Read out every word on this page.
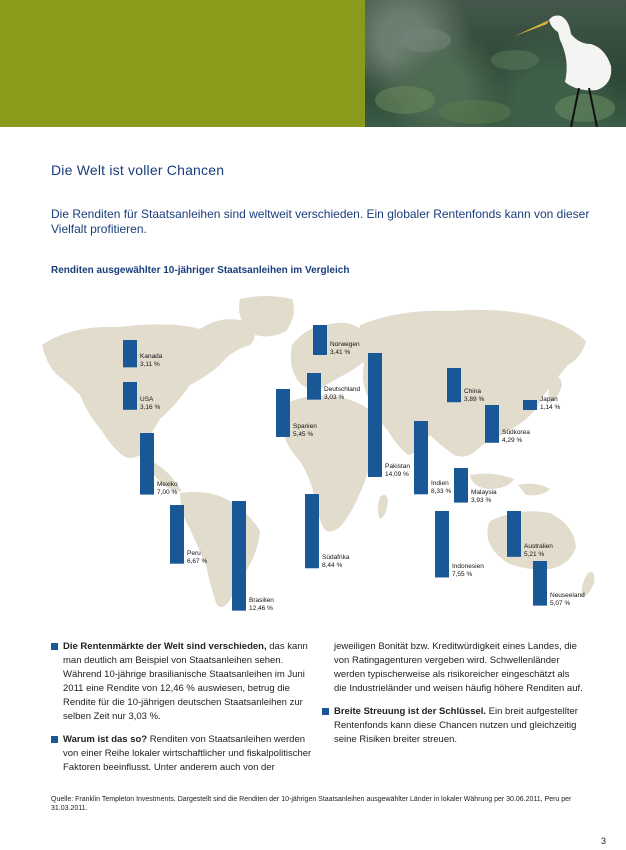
Die Welt ist voller Chancen
Die Renditen für Staatsanleihen sind weltweit verschieden. Ein globaler Rentenfonds kann von dieser Vielfalt profitieren.
Renditen ausgewählter 10-jähriger Staatsanleihen im Vergleich
Kanada
3,11 %
USA
3,16 %
Mexiko
7,00 %
Peru
6,67 %
Brasilien
12,46 %
Norwegen
3,41 %
Deutschland
3,03 %
Spanien
5,45 %
Südafrika
8,44 %
Pakistan
14,09 %
Indien
8,33 %
China
3,89 %	Japan
1,14 %
Südkorea
4,29 %
Malaysia
3,93 %
Indonesien
7,55 %
Australien
5,21 %
Neuseeland
5,07 %

Die Rentenmärkte der Welt sind verschieden, das kann man deutlich am Beispiel von Staatsanleihen sehen. Während 10-jährige brasilianische Staatsanleihen im Juni 2011 eine Rendite von 12,46 % auswiesen, betrug die Rendite für die 10-jährigen deutschen Staatsanleihen zur selben Zeit nur 3,03 %.

Warum ist das so? Renditen von Staatsanleihen werden von einer Reihe lokaler wirtschaftlicher und fiskalpolitischer Faktoren beeinflusst. Unter anderem auch von der

jeweiligen Bonität bzw. Kreditwürdigkeit eines Landes, die von Ratingagenturen vergeben wird. Schwellenländer werden typischerweise als risikoreicher eingeschätzt als die Industrieländer und weisen häufig höhere Renditen auf.

Breite Streuung ist der Schlüssel. Ein breit aufgestellter Rentenfonds kann diese Chancen nutzen und gleichzeitig seine Risiken breiter streuen.

Quelle: Franklin Templeton Investments. Dargestellt sind die Renditen der 10-jährigen Staatsanleihen ausgewählter Länder in lokaler Währung per 30.06.2011, Peru per 31.03.2011.
3
